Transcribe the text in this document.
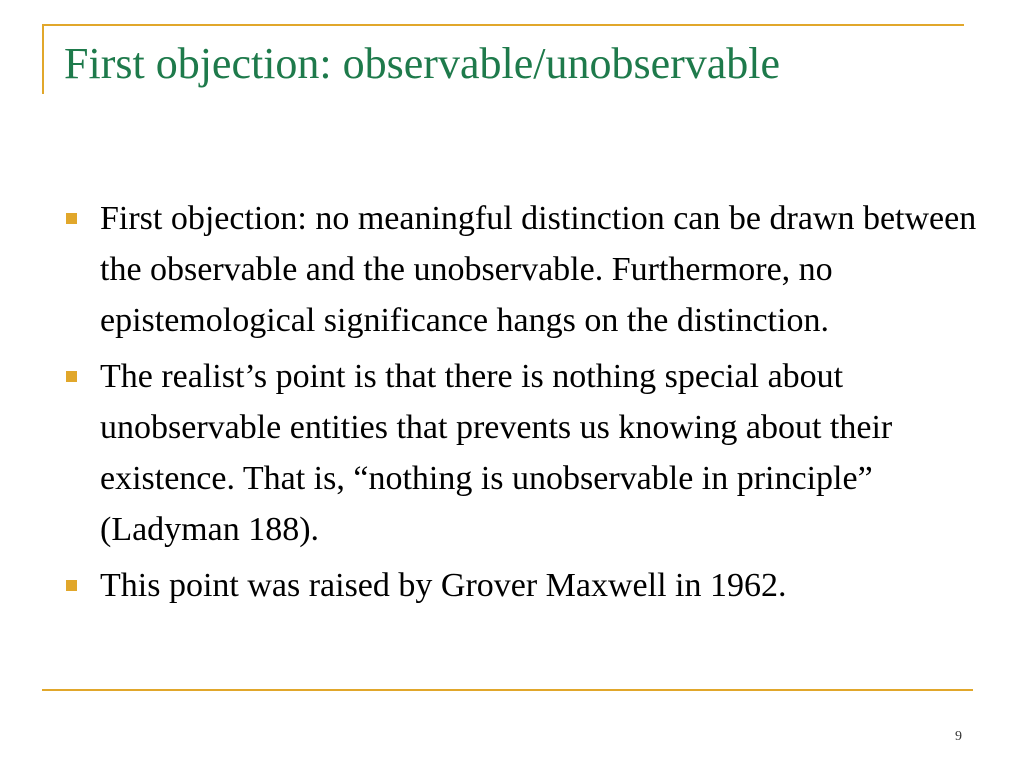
First objection: observable/unobservable
First objection: no meaningful distinction can be drawn between the observable and the unobservable. Furthermore, no epistemological significance hangs on the distinction.
The realist’s point is that there is nothing special about unobservable entities that prevents us knowing about their existence. That is, “nothing is unobservable in principle” (Ladyman 188).
This point was raised by Grover Maxwell in 1962.
9
